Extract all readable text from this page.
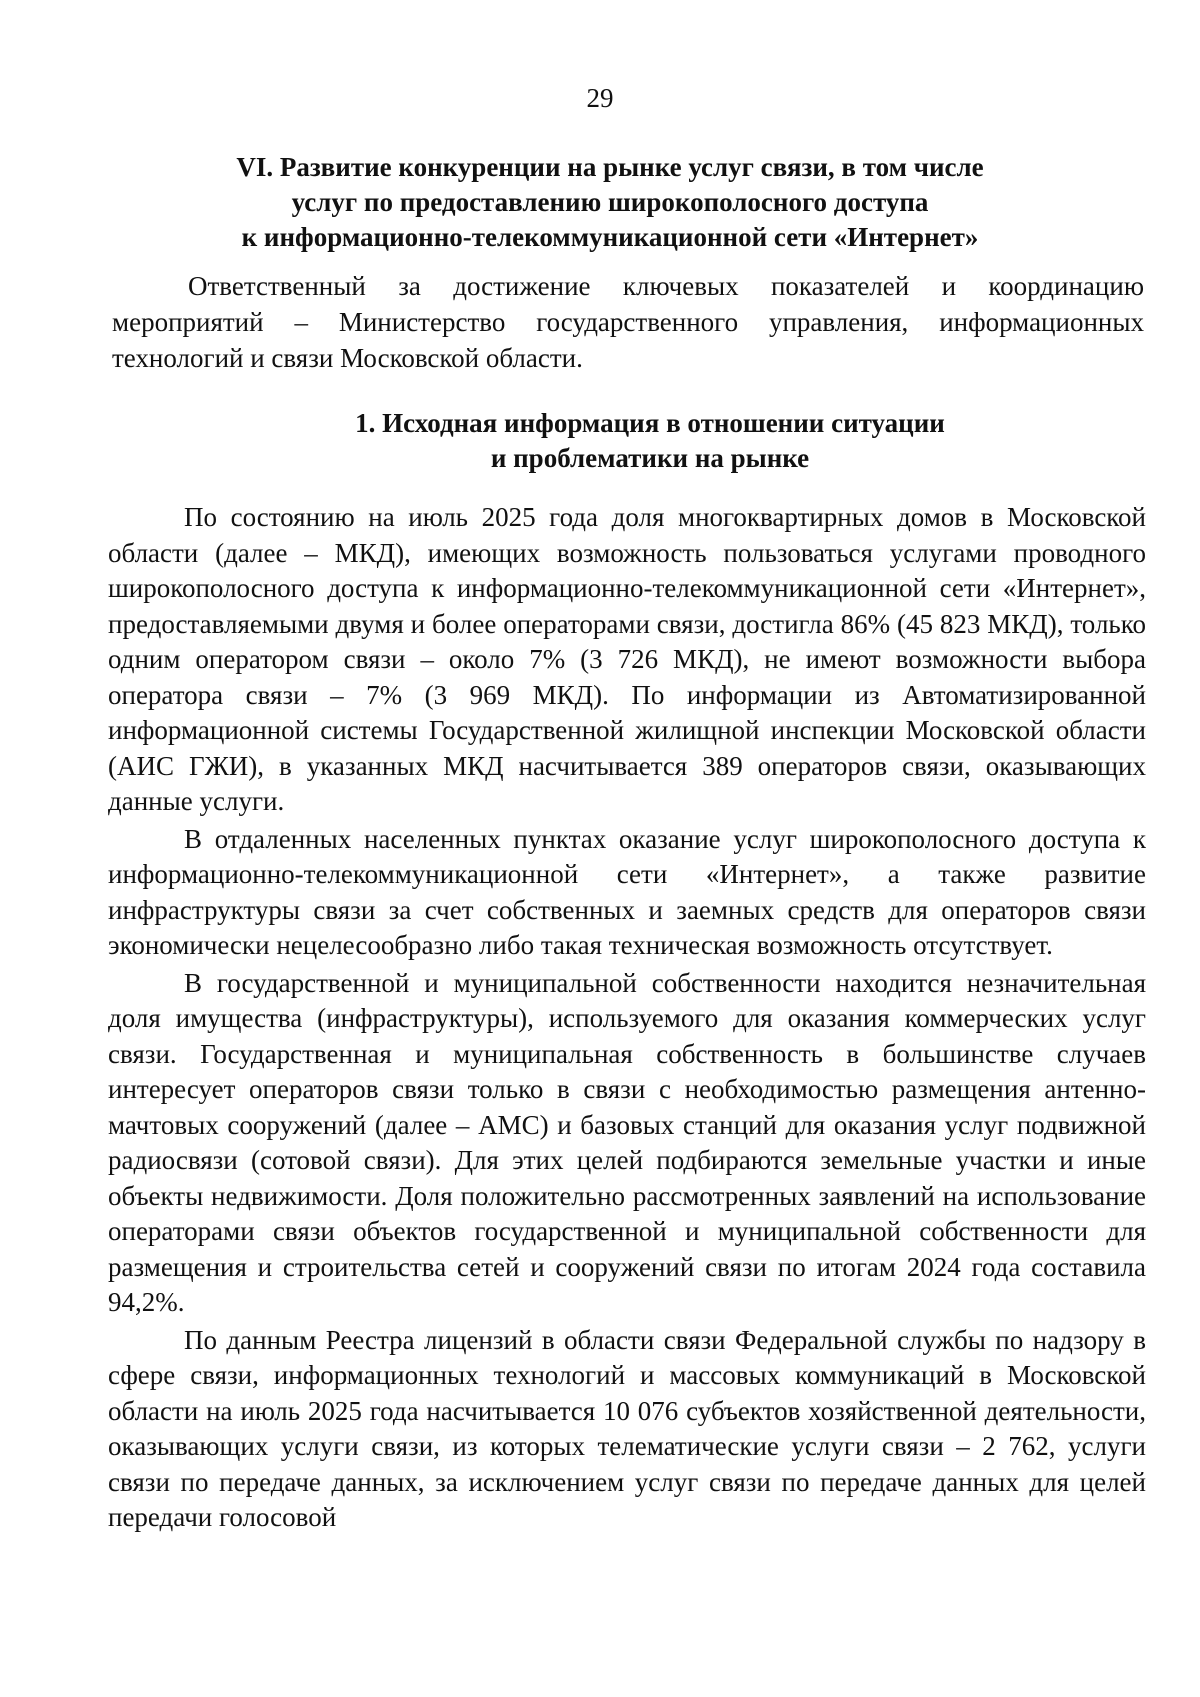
29
VI. Развитие конкуренции на рынке услуг связи, в том числе
услуг по предоставлению широкополосного доступа
к информационно-телекоммуникационной сети «Интернет»

Ответственный за достижение ключевых показателей и координацию мероприятий – Министерство государственного управления, информационных технологий и связи Московской области.

1. Исходная информация в отношении ситуации
и проблематики на рынке

По состоянию на июль 2025 года доля многоквартирных домов в Московской области (далее – МКД), имеющих возможность пользоваться услугами проводного широкополосного доступа к информационно-телекоммуникационной сети «Интернет», предоставляемыми двумя и более операторами связи, достигла 86% (45 823 МКД), только одним оператором связи – около 7% (3 726 МКД), не имеют возможности выбора оператора связи – 7% (3 969 МКД). По информации из Автоматизированной информационной системы Государственной жилищной инспекции Московской области (АИС ГЖИ), в указанных МКД насчитывается 389 операторов связи, оказывающих данные услуги.

В отдаленных населенных пунктах оказание услуг широкополосного доступа к информационно-телекоммуникационной сети «Интернет», а также развитие инфраструктуры связи за счет собственных и заемных средств для операторов связи экономически нецелесообразно либо такая техническая возможность отсутствует.

В государственной и муниципальной собственности находится незначительная доля имущества (инфраструктуры), используемого для оказания коммерческих услуг связи. Государственная и муниципальная собственность в большинстве случаев интересует операторов связи только в связи с необходимостью размещения антенно-мачтовых сооружений (далее – АМС) и базовых станций для оказания услуг подвижной радиосвязи (сотовой связи). Для этих целей подбираются земельные участки и иные объекты недвижимости. Доля положительно рассмотренных заявлений на использование операторами связи объектов государственной и муниципальной собственности для размещения и строительства сетей и сооружений связи по итогам 2024 года составила 94,2%.

По данным Реестра лицензий в области связи Федеральной службы по надзору в сфере связи, информационных технологий и массовых коммуникаций в Московской области на июль 2025 года насчитывается 10 076 субъектов хозяйственной деятельности, оказывающих услуги связи, из которых телематические услуги связи – 2 762, услуги связи по передаче данных, за исключением услуг связи по передаче данных для целей передачи голосовой
